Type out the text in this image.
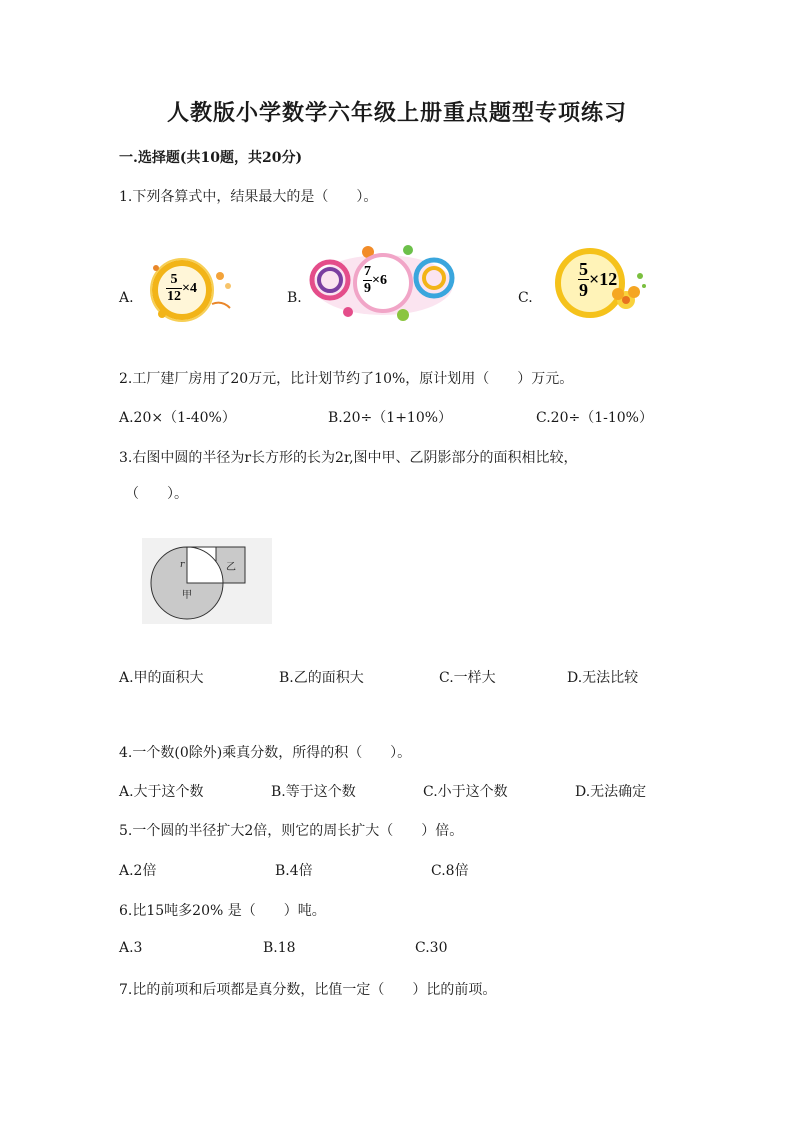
人教版小学数学六年级上册重点题型专项练习
一.选择题(共10题，共20分)
1.下列各算式中，结果最大的是（　　）。
A. $\frac{5}{12} \times 4$
B.
$\frac{7}{9} \times 6$
C.	$\frac{5}{9} \times 12$
2.工厂建厂房用了20万元，比计划节约了10%，原计划用（　　）万元。
A.20×（1-40%）	B.20÷（1+10%）	C.20÷（1-10%）
3.右图中圆的半径为r长方形的长为2r,图中甲、乙阴影部分的面积相比较，
（　　）。
r	乙
甲
A.甲的面积大	B.乙的面积大	C.一样大	D.无法比较
4.一个数(0除外)乘真分数，所得的积（　　）。
A.大于这个数	B.等于这个数	C.小于这个数	D.无法确定
5.一个圆的半径扩大2倍，则它的周长扩大（　　）倍。
A.2倍	B.4倍	C.8倍
6.比15吨多20% 是（　　）吨。
A.3	B.18	C.30
7.比的前项和后项都是真分数，比值一定（　　）比的前项。
